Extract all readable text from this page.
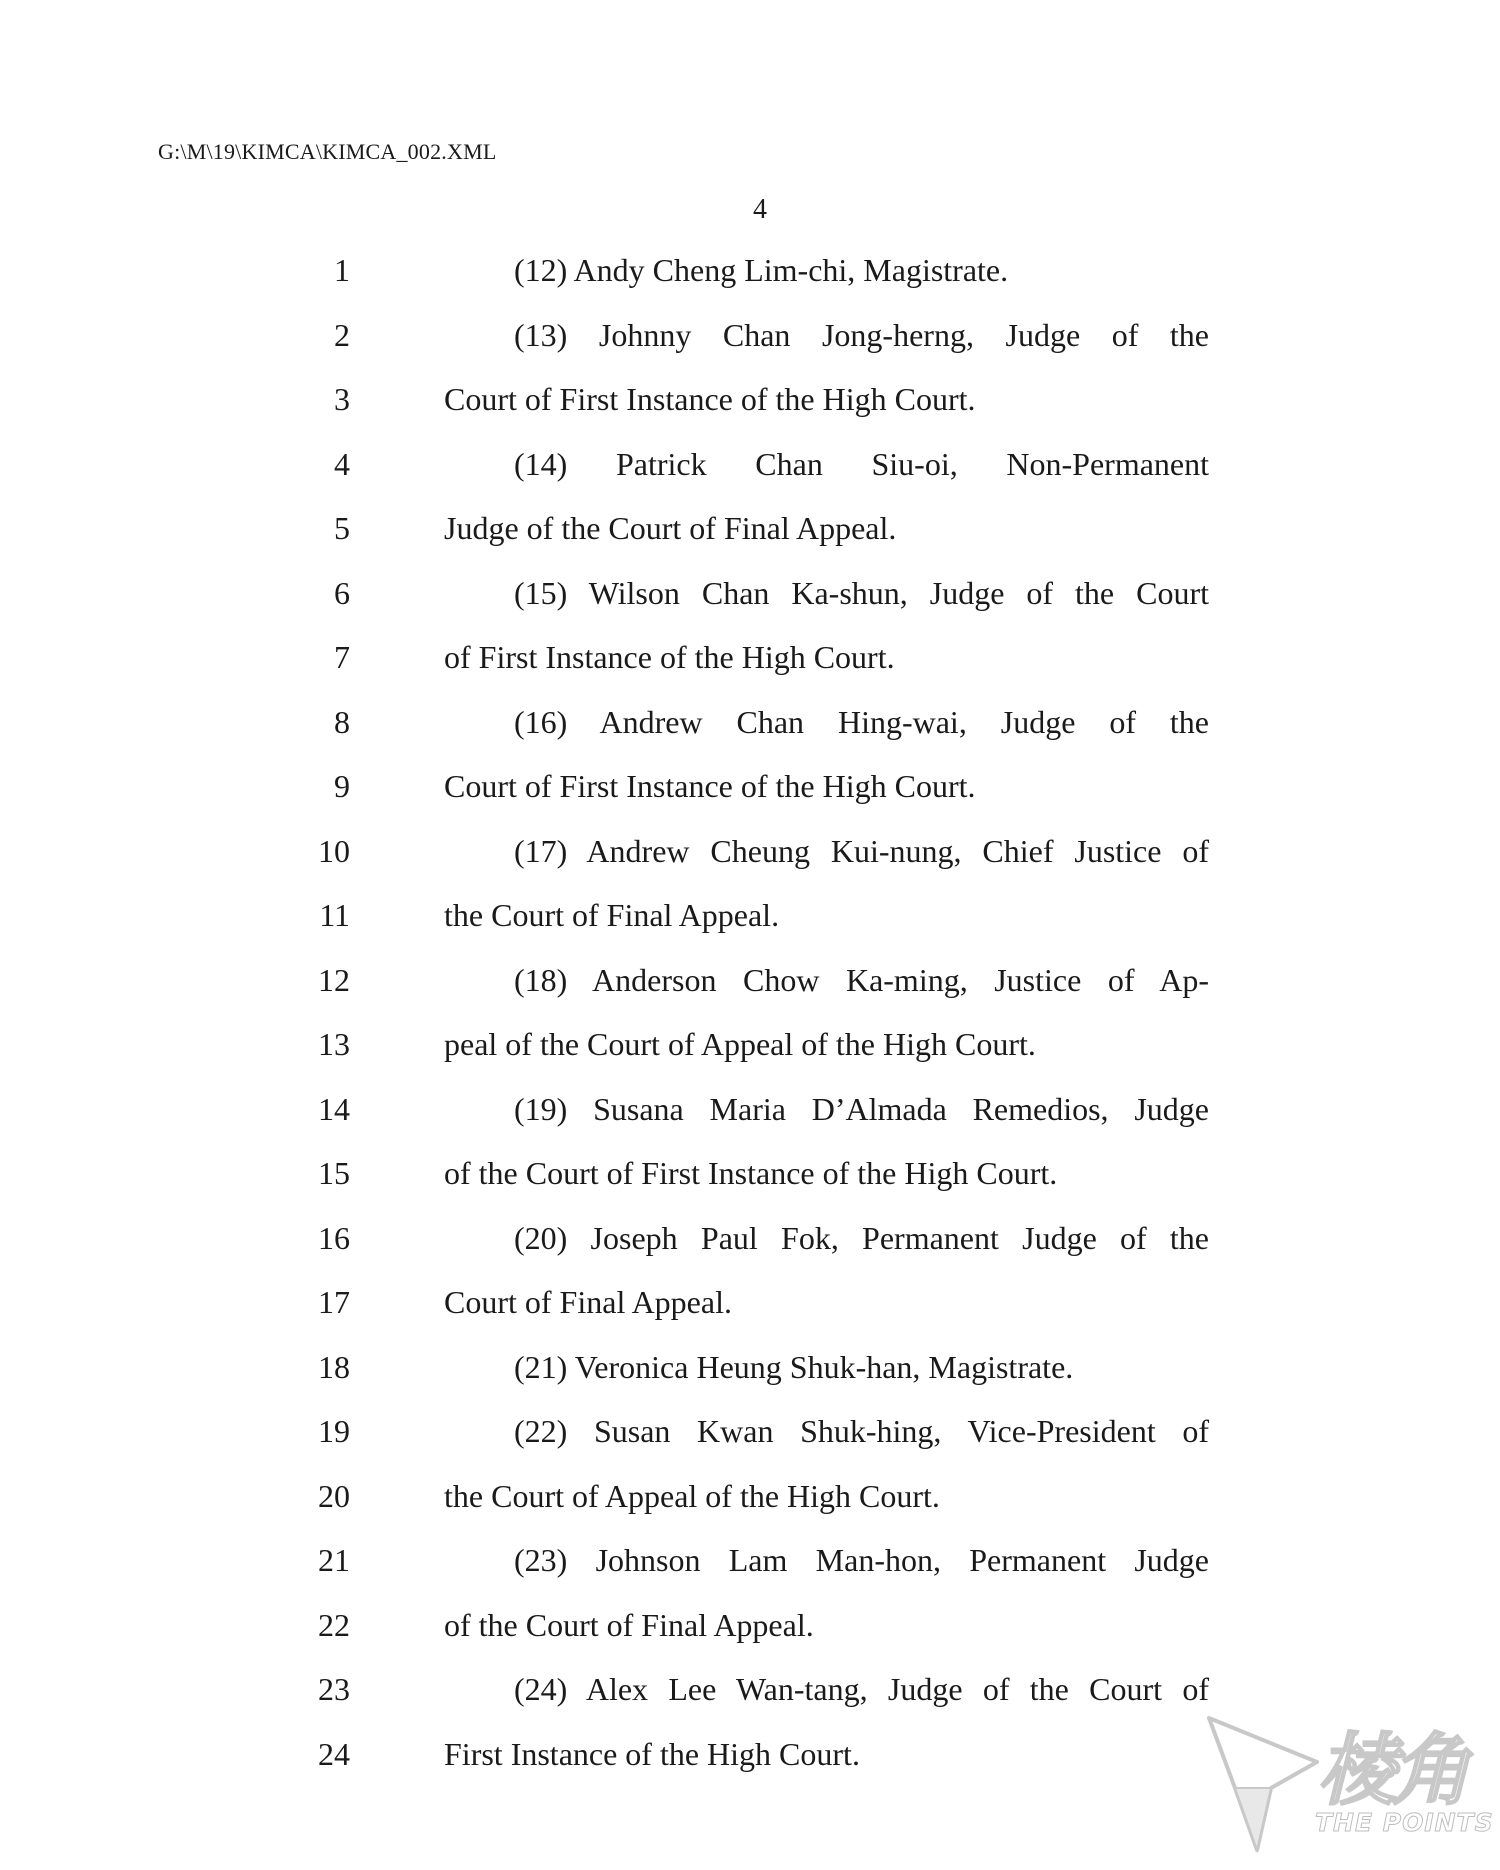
G:\M\19\KIMCA\KIMCA_002.XML
4
1	(12) Andy Cheng Lim-chi, Magistrate.
2	(13) Johnny Chan Jong-herng, Judge of the
3	Court of First Instance of the High Court.
4	(14) Patrick Chan Siu-oi, Non-Permanent
5	Judge of the Court of Final Appeal.
6	(15) Wilson Chan Ka-shun, Judge of the Court
7	of First Instance of the High Court.
8	(16) Andrew Chan Hing-wai, Judge of the
9	Court of First Instance of the High Court.
10	(17) Andrew Cheung Kui-nung, Chief Justice of
11	the Court of Final Appeal.
12	(18) Anderson Chow Ka-ming, Justice of Ap-
13	peal of the Court of Appeal of the High Court.
14	(19) Susana Maria D’Almada Remedios, Judge
15	of the Court of First Instance of the High Court.
16	(20) Joseph Paul Fok, Permanent Judge of the
17	Court of Final Appeal.
18	(21) Veronica Heung Shuk-han, Magistrate.
19	(22) Susan Kwan Shuk-hing, Vice-President of
20	the Court of Appeal of the High Court.
21	(23) Johnson Lam Man-hon, Permanent Judge
22	of the Court of Final Appeal.
23	(24) Alex Lee Wan-tang, Judge of the Court of
24	First Instance of the High Court.	棱角
THE POINTS
